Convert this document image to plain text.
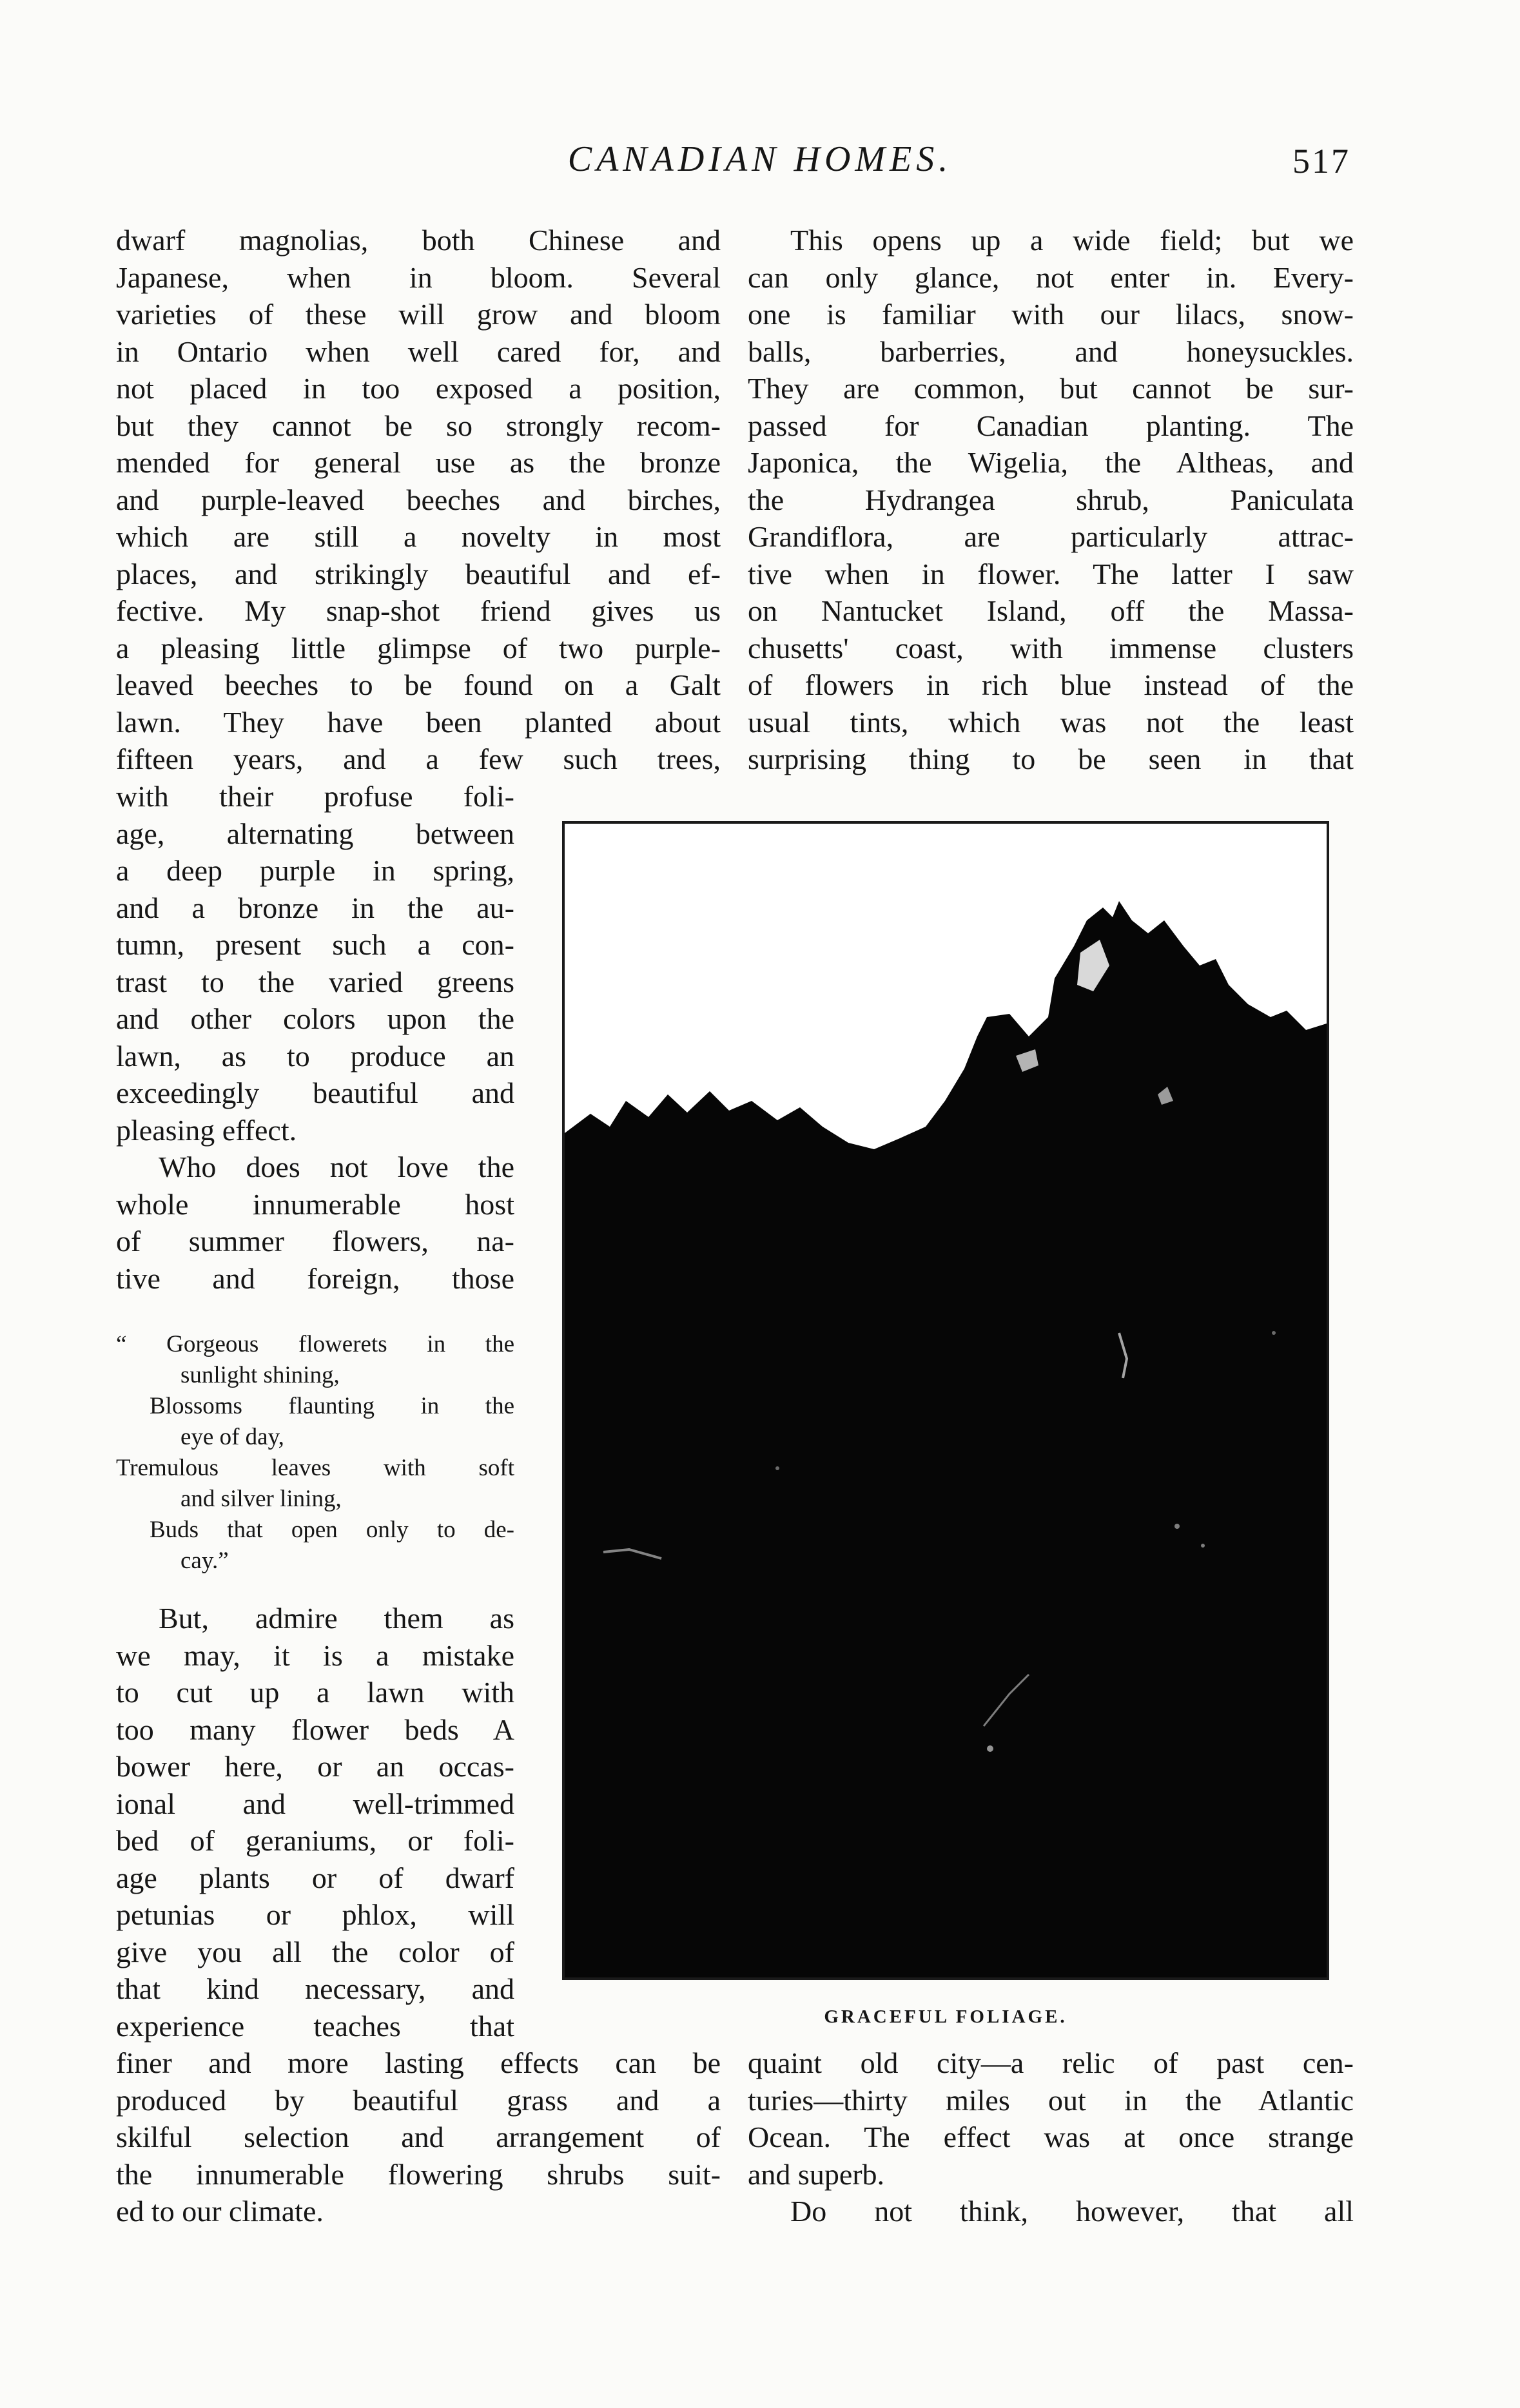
CANADIAN HOMES.	517
dwarf magnolias, both Chinese and
Japanese, when in bloom. Several
varieties of these will grow and bloom
in Ontario when well cared for, and
not placed in too exposed a position,
but they cannot be so strongly recom-
mended for general use as the bronze
and purple-leaved beeches and birches,
which are still a novelty in most
places, and strikingly beautiful and ef-
fective. My snap-shot friend gives us
a pleasing little glimpse of two purple-
leaved beeches to be found on a Galt
lawn. They have been planted about
fifteen years, and a few such trees,
with their profuse foli-
age, alternating between
a deep purple in spring,
and a bronze in the au-
tumn, present such a con-
trast to the varied greens
and other colors upon the
lawn, as to produce an
exceedingly beautiful and
pleasing effect.
Who does not love the
whole innumerable host
of summer flowers, na-
tive and foreign, those
“ Gorgeous flowerets in the
sunlight shining,
Blossoms flaunting in the
eye of day,
Tremulous leaves with soft
and silver lining,
Buds that open only to de-
cay.”
But, admire them as
we may, it is a mistake
to cut up a lawn with
too many flower beds A
bower here, or an occas-
ional and well-trimmed
bed of geraniums, or foli-
age plants or of dwarf
petunias or phlox, will
give you all the color of
that kind necessary, and
experience teaches that
finer and more lasting effects can be
produced by beautiful grass and a
skilful selection and arrangement of
the innumerable flowering shrubs suit-
ed to our climate.
This opens up a wide field; but we
can only glance, not enter in. Every-
one is familiar with our lilacs, snow-
balls, barberries, and honeysuckles.
They are common, but cannot be sur-
passed for Canadian planting. The
Japonica, the Wigelia, the Altheas, and
the Hydrangea shrub, Paniculata
Grandiflora, are particularly attrac-
tive when in flower. The latter I saw
on Nantucket Island, off the Massa-
chusetts' coast, with immense clusters
of flowers in rich blue instead of the
usual tints, which was not the least
surprising thing to be seen in that
GRACEFUL FOLIAGE.
quaint old city—a relic of past cen-
turies—thirty miles out in the Atlantic
Ocean. The effect was at once strange
and superb.
Do not think, however, that all
